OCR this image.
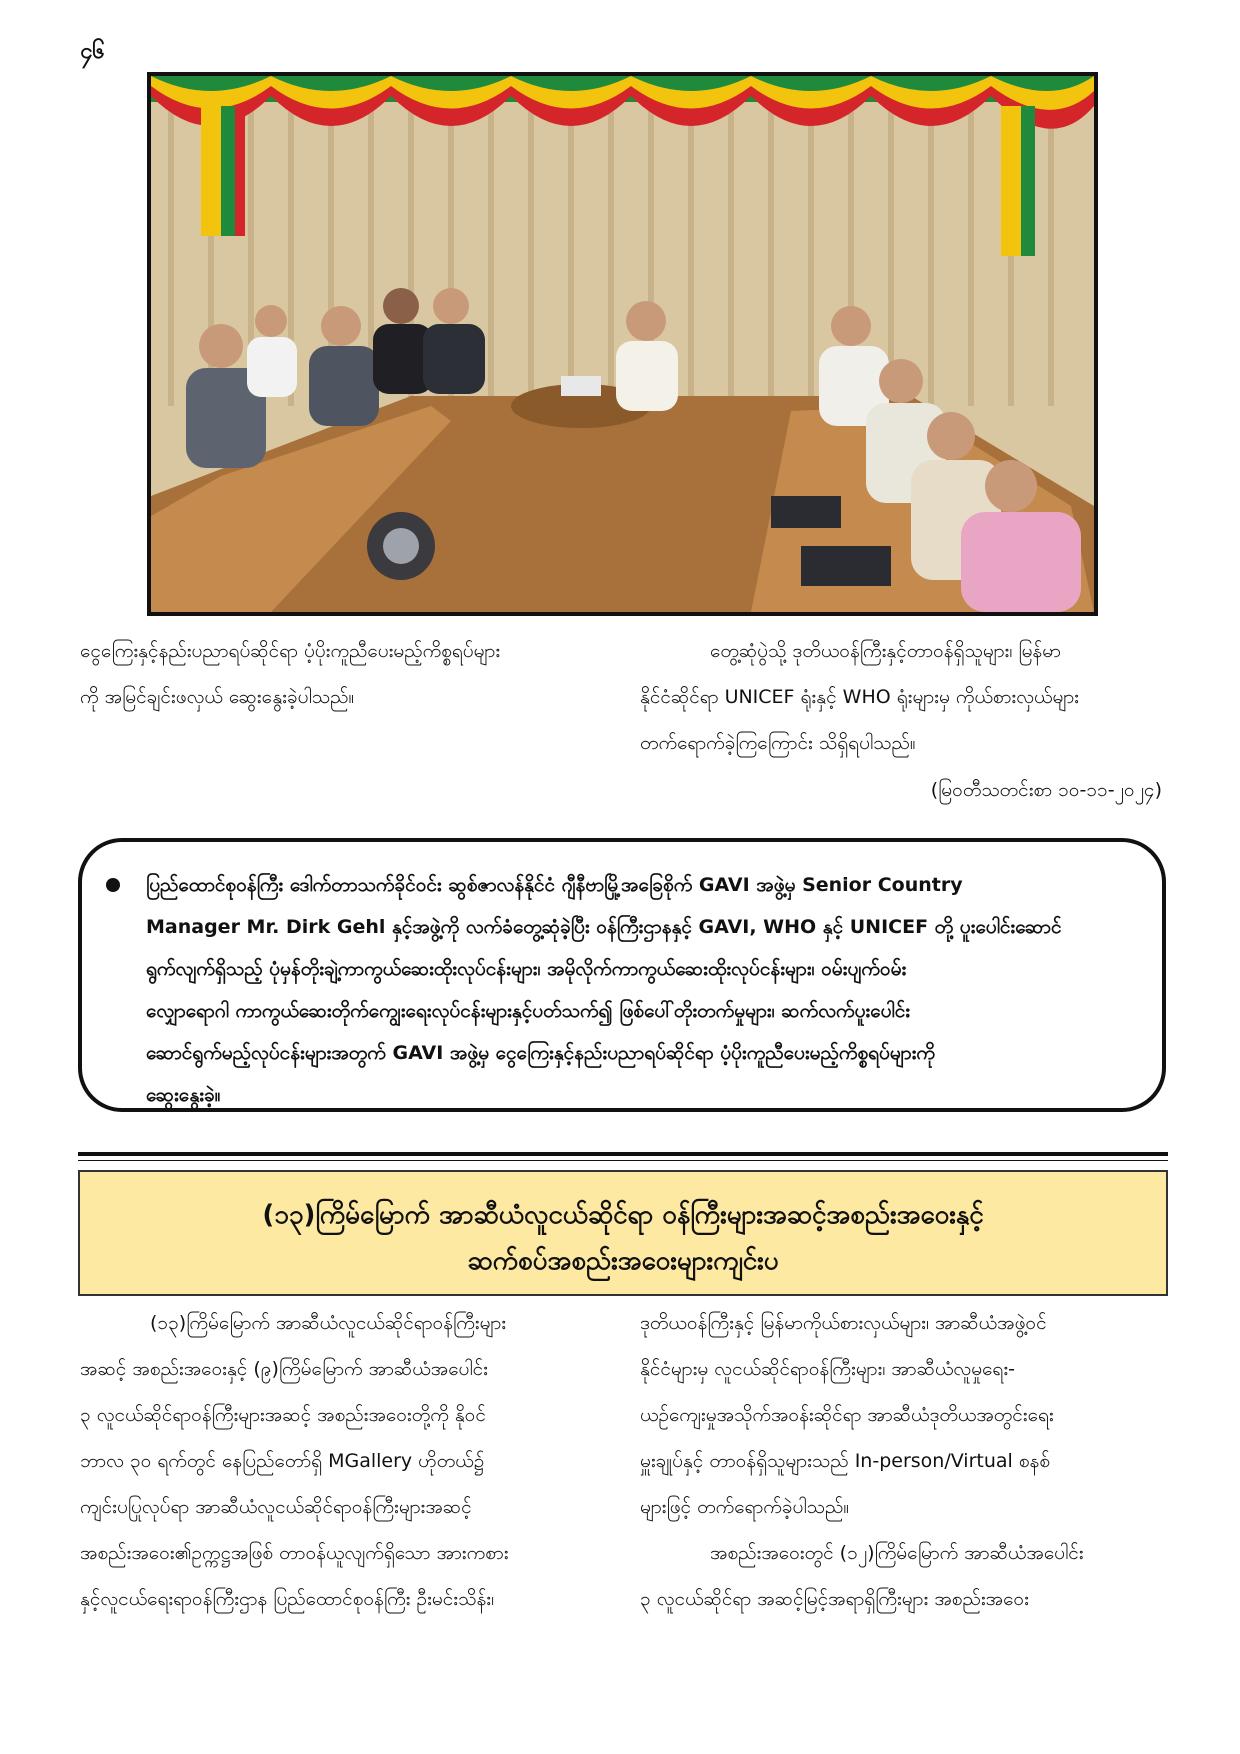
၄၆

ငွေကြေးနှင့်နည်းပညာရပ်ဆိုင်ရာ ပံ့ပိုးကူညီပေးမည့်ကိစ္စရပ်များ

ကို အမြင်ချင်းဖလှယ် ဆွေးနွေးခဲ့ပါသည်။

တွေ့ဆုံပွဲသို့ ဒုတိယဝန်ကြီးနှင့်တာဝန်ရှိသူများ၊ မြန်မာ

နိုင်ငံဆိုင်ရာ UNICEF ရုံးနှင့် WHO ရုံးများမှ ကိုယ်စားလှယ်များ

တက်ရောက်ခဲ့ကြကြောင်း သိရှိရပါသည်။

(မြဝတီသတင်းစာ ၁၀-၁၁-၂၀၂၄)

ပြည်ထောင်စုဝန်ကြီး ဒေါက်တာသက်ခိုင်ဝင်း ဆွစ်ဇာလန်နိုင်ငံ ဂျီနီဗာမြို့အခြေစိုက် GAVI အဖွဲ့မှ Senior Country

Manager Mr. Dirk Gehl နှင့်အဖွဲ့ကို လက်ခံတွေ့ဆုံခဲ့ပြီး ဝန်ကြီးဌာနနှင့် GAVI, WHO နှင့် UNICEF တို့ ပူးပေါင်းဆောင်

ရွက်လျက်ရှိသည့် ပုံမှန်တိုးချဲ့ကာကွယ်ဆေးထိုးလုပ်ငန်းများ၊ အမိုလိုက်ကာကွယ်ဆေးထိုးလုပ်ငန်းများ၊ ဝမ်းပျက်ဝမ်း

လျှောရောဂါ ကာကွယ်ဆေးတိုက်ကျွေးရေးလုပ်ငန်းများနှင့်ပတ်သက်၍ ဖြစ်ပေါ်တိုးတက်မှုများ၊ ဆက်လက်ပူးပေါင်း

ဆောင်ရွက်မည့်လုပ်ငန်းများအတွက် GAVI အဖွဲ့မှ ငွေကြေးနှင့်နည်းပညာရပ်ဆိုင်ရာ ပံ့ပိုးကူညီပေးမည့်ကိစ္စရပ်များကို

ဆွေးနွေးခဲ့။

(၁၃)ကြိမ်မြောက် အာဆီယံလူငယ်ဆိုင်ရာ ဝန်ကြီးများအဆင့်အစည်းအဝေးနှင့်
ဆက်စပ်အစည်းအဝေးများကျင်းပ

(၁၃)ကြိမ်မြောက် အာဆီယံလူငယ်ဆိုင်ရာဝန်ကြီးများ

အဆင့် အစည်းအဝေးနှင့် (၉)ကြိမ်မြောက် အာဆီယံအပေါင်း

၃ လူငယ်ဆိုင်ရာဝန်ကြီးများအဆင့် အစည်းအဝေးတို့ကို နိုဝင်

ဘာလ ၃၀ ရက်တွင် နေပြည်တော်ရှိ MGallery ဟိုတယ်၌

ကျင်းပပြုလုပ်ရာ အာဆီယံလူငယ်ဆိုင်ရာဝန်ကြီးများအဆင့်

အစည်းအဝေး၏ဥက္ကဋ္ဌအဖြစ် တာဝန်ယူလျက်ရှိသော အားကစား

နှင့်လူငယ်ရေးရာဝန်ကြီးဌာန ပြည်ထောင်စုဝန်ကြီး ဦးမင်းသိန်း၊

ဒုတိယဝန်ကြီးနှင့် မြန်မာကိုယ်စားလှယ်များ၊ အာဆီယံအဖွဲ့ဝင်

နိုင်ငံများမှ လူငယ်ဆိုင်ရာဝန်ကြီးများ၊ အာဆီယံလူမှုရေး-

ယဉ်ကျေးမှုအသိုက်အဝန်းဆိုင်ရာ အာဆီယံဒုတိယအတွင်းရေး

မှူးချုပ်နှင့် တာဝန်ရှိသူများသည် In-person/Virtual စနစ်

များဖြင့် တက်ရောက်ခဲ့ပါသည်။

အစည်းအဝေးတွင် (၁၂)ကြိမ်မြောက် အာဆီယံအပေါင်း

၃ လူငယ်ဆိုင်ရာ အဆင့်မြင့်အရာရှိကြီးများ အစည်းအဝေး
